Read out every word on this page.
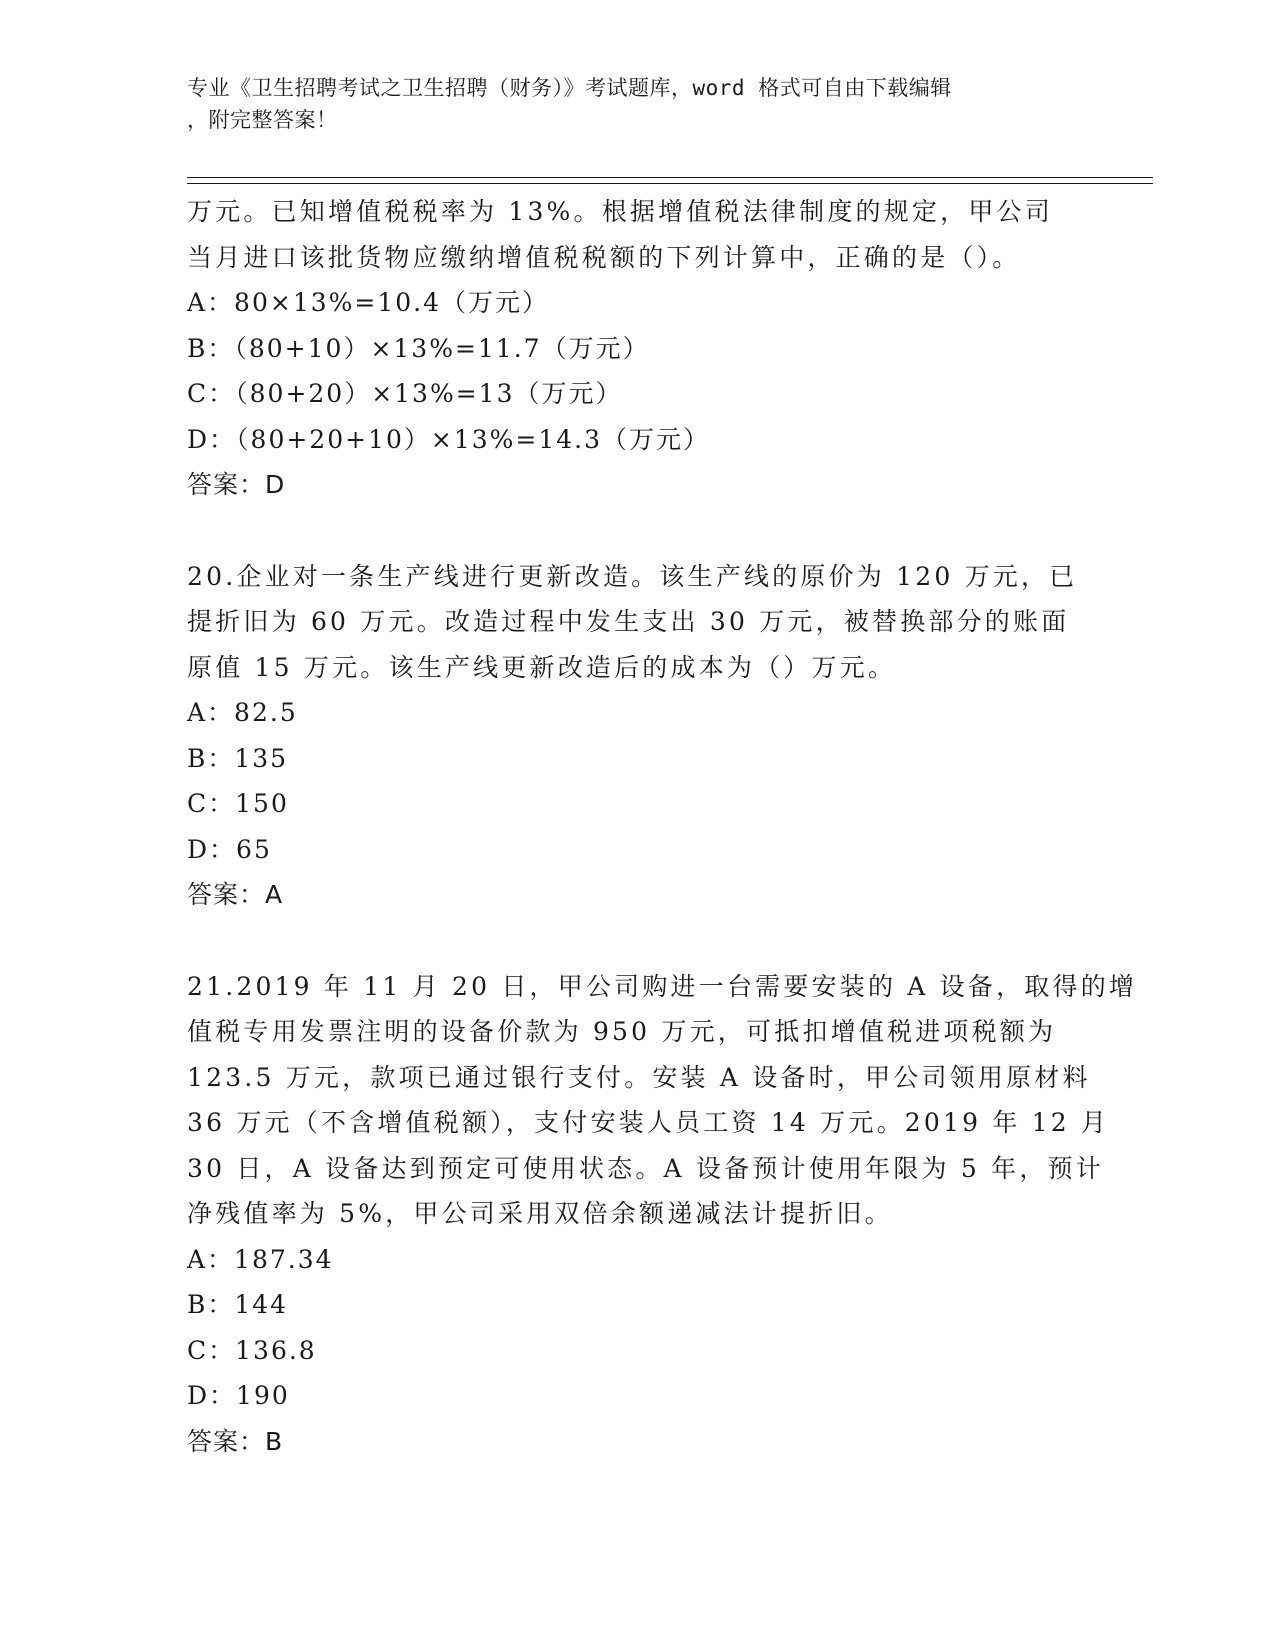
专业《卫生招聘考试之卫生招聘（财务）》考试题库，word 格式可自由下载编辑
，附完整答案！
万元。已知增值税税率为 13%。根据增值税法律制度的规定，甲公司
当月进口该批货物应缴纳增值税税额的下列计算中，正确的是（）。
A：80×13%=10.4（万元）
B：（80+10）×13%=11.7（万元）
C：（80+20）×13%=13（万元）
D：（80+20+10）×13%=14.3（万元）
答案：D
20.企业对一条生产线进行更新改造。该生产线的原价为 120 万元，已
提折旧为 60 万元。改造过程中发生支出 30 万元，被替换部分的账面
原值 15 万元。该生产线更新改造后的成本为（）万元。
A：82.5
B：135
C：150
D：65
答案：A
21.2019 年 11 月 20 日，甲公司购进一台需要安装的 A 设备，取得的增
值税专用发票注明的设备价款为 950 万元，可抵扣增值税进项税额为
123.5 万元，款项已通过银行支付。安装 A 设备时，甲公司领用原材料
36 万元（不含增值税额），支付安装人员工资 14 万元。2019 年 12 月
30 日，A 设备达到预定可使用状态。A 设备预计使用年限为 5 年，预计
净残值率为 5%，甲公司采用双倍余额递减法计提折旧。
A：187.34
B：144
C：136.8
D：190
答案：B
